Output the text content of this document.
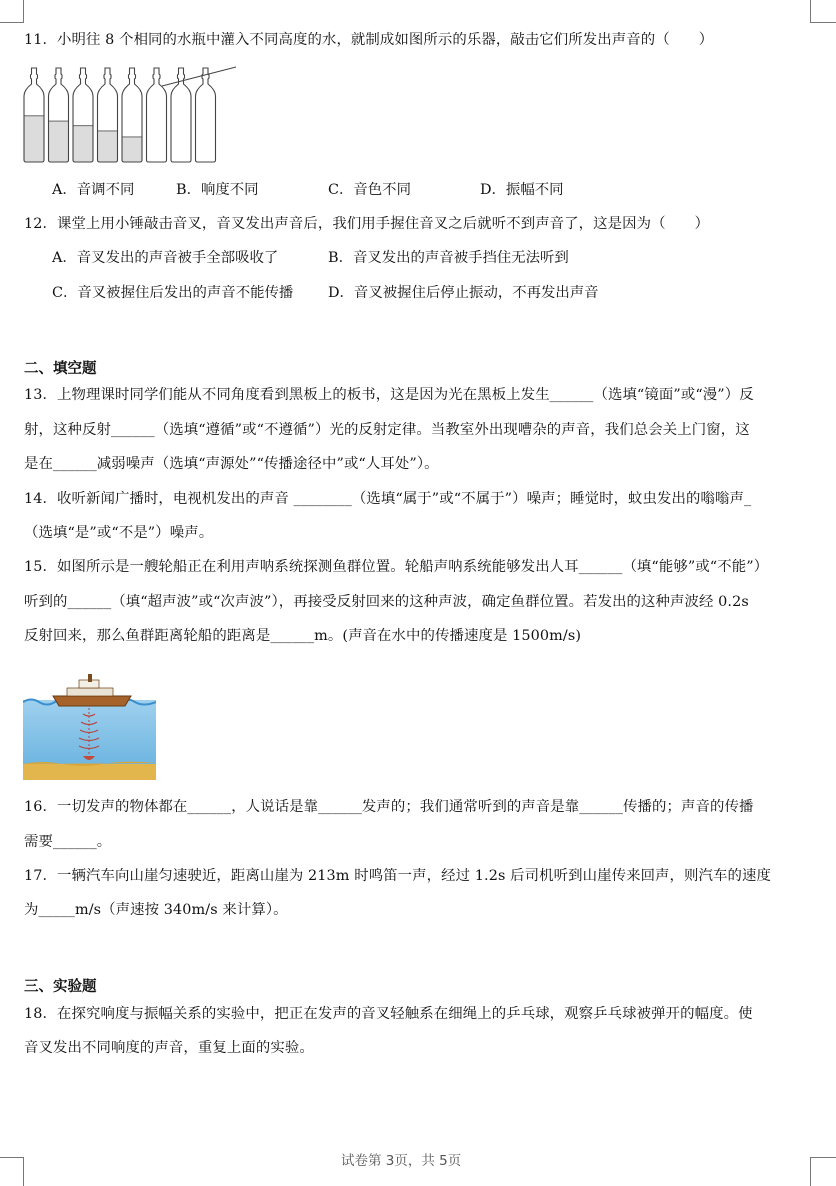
11．小明往 8 个相同的水瓶中灌入不同高度的水，就制成如图所示的乐器，敲击它们所发出声音的（　　）
A．音调不同	B．响度不同	C．音色不同	D．振幅不同
12．课堂上用小锤敲击音叉，音叉发出声音后，我们用手握住音叉之后就听不到声音了，这是因为（　　）
A．音叉发出的声音被手全部吸收了	B．音叉发出的声音被手挡住无法听到
C．音叉被握住后发出的声音不能传播 D．音叉被握住后停止振动，不再发出声音
二、填空题
13．上物理课时同学们能从不同角度看到黑板上的板书，这是因为光在黑板上发生______（选填“镜面”或“漫”）反
射，这种反射______（选填“遵循”或“不遵循”）光的反射定律。当教室外出现嘈杂的声音，我们总会关上门窗，这
是在______减弱噪声（选填“声源处”“传播途径中”或“人耳处”）。
14．收听新闻广播时，电视机发出的声音 ________（选填“属于”或“不属于”）噪声；睡觉时，蚊虫发出的嗡嗡声_
（选填“是”或“不是”）噪声。
15．如图所示是一艘轮船正在利用声呐系统探测鱼群位置。轮船声呐系统能够发出人耳______（填“能够”或“不能”）
听到的______（填“超声波”或“次声波”），再接受反射回来的这种声波，确定鱼群位置。若发出的这种声波经 0.2s
反射回来，那么鱼群距离轮船的距离是______m。(声音在水中的传播速度是 1500m/s)
16．一切发声的物体都在______，人说话是靠______发声的；我们通常听到的声音是靠______传播的；声音的传播
需要______。
17．一辆汽车向山崖匀速驶近，距离山崖为 213m 时鸣笛一声，经过 1.2s 后司机听到山崖传来回声，则汽车的速度
为_____m/s（声速按 340m/s 来计算）。
三、实验题
18．在探究响度与振幅关系的实验中，把正在发声的音叉轻触系在细绳上的乒乓球，观察乒乓球被弹开的幅度。使
音叉发出不同响度的声音，重复上面的实验。
试卷第 3页，共 5页
